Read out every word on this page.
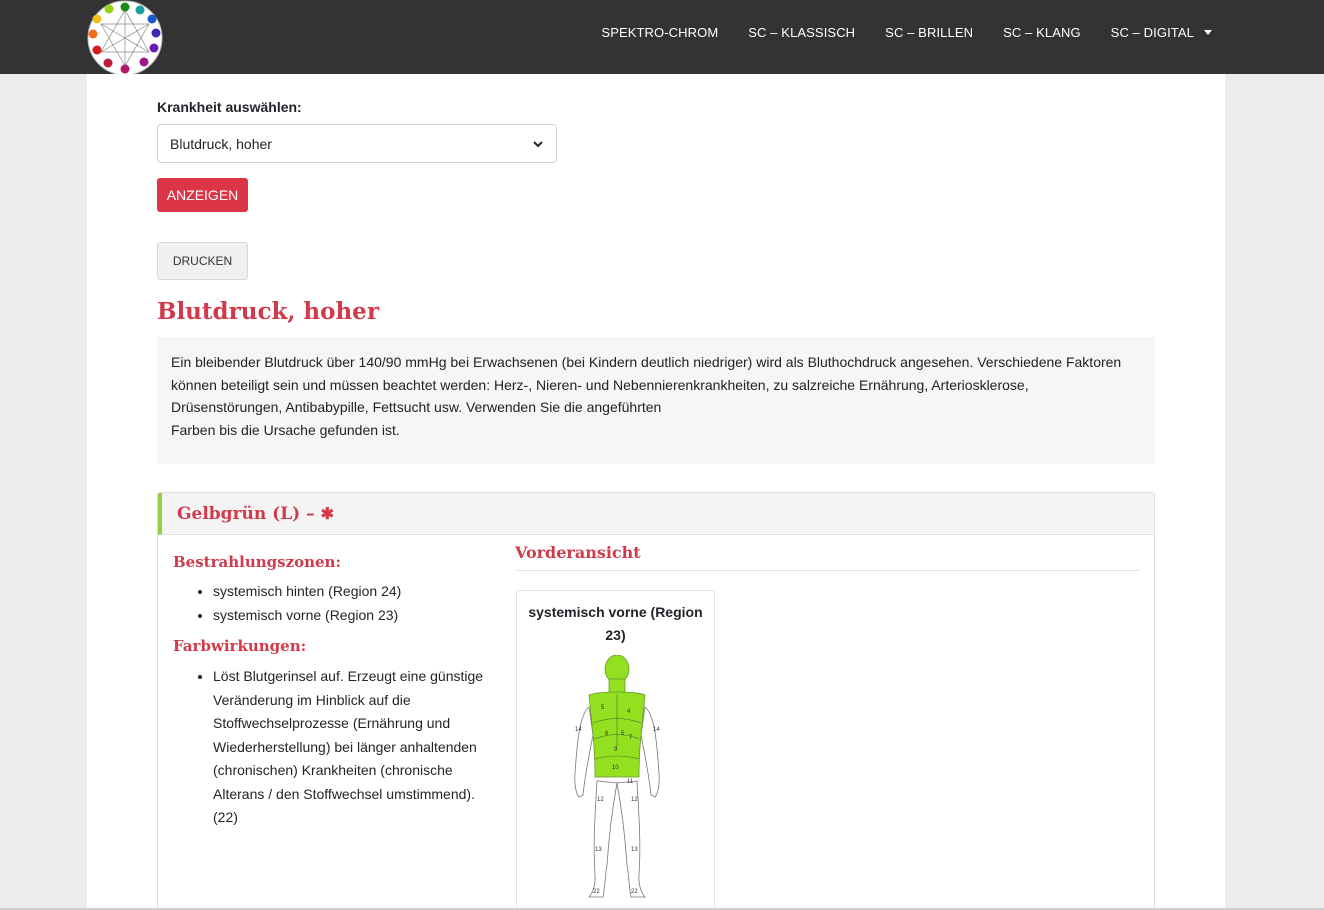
SPEKTRO-CHROM SC – KLASSISCH SC – BRILLEN SC – KLANG SC – DIGITAL
Krankheit auswählen:
Blutdruck, hoher
ANZEIGEN
DRUCKEN
Blutdruck, hoher

Ein bleibender Blutdruck über 140/90 mmHg bei Erwachsenen (bei Kindern deutlich niedriger) wird als Bluthochdruck angesehen. Verschiedene Faktoren können beteiligt sein und müssen beachtet werden: Herz-, Nieren- und Nebennierenkrankheiten, zu salzreiche Ernährung, Arteriosklerose, Drüsenstörungen, Antibabypille, Fettsucht usw. Verwenden Sie die angeführten

Farben bis die Ursache gefunden ist.

Gelbgrün (L) – ✱
Bestrahlungszonen:
• systemisch hinten (Region 24)
• systemisch vorne (Region 23)
Farbwirkungen:
• Löst Blutgerinsel auf. Erzeugt eine günstige Veränderung im Hinblick auf die Stoffwechselprozesse (Ernährung und Wiederherstellung) bei länger anhaltenden (chronischen) Krankheiten (chronische Alterans / den Stoffwechsel umstimmend). (22)
Vorderansicht
systemisch vorne (Region 23)
5
4
14	14
6 5
7
9
10
11
12	12
13	13
22	22
